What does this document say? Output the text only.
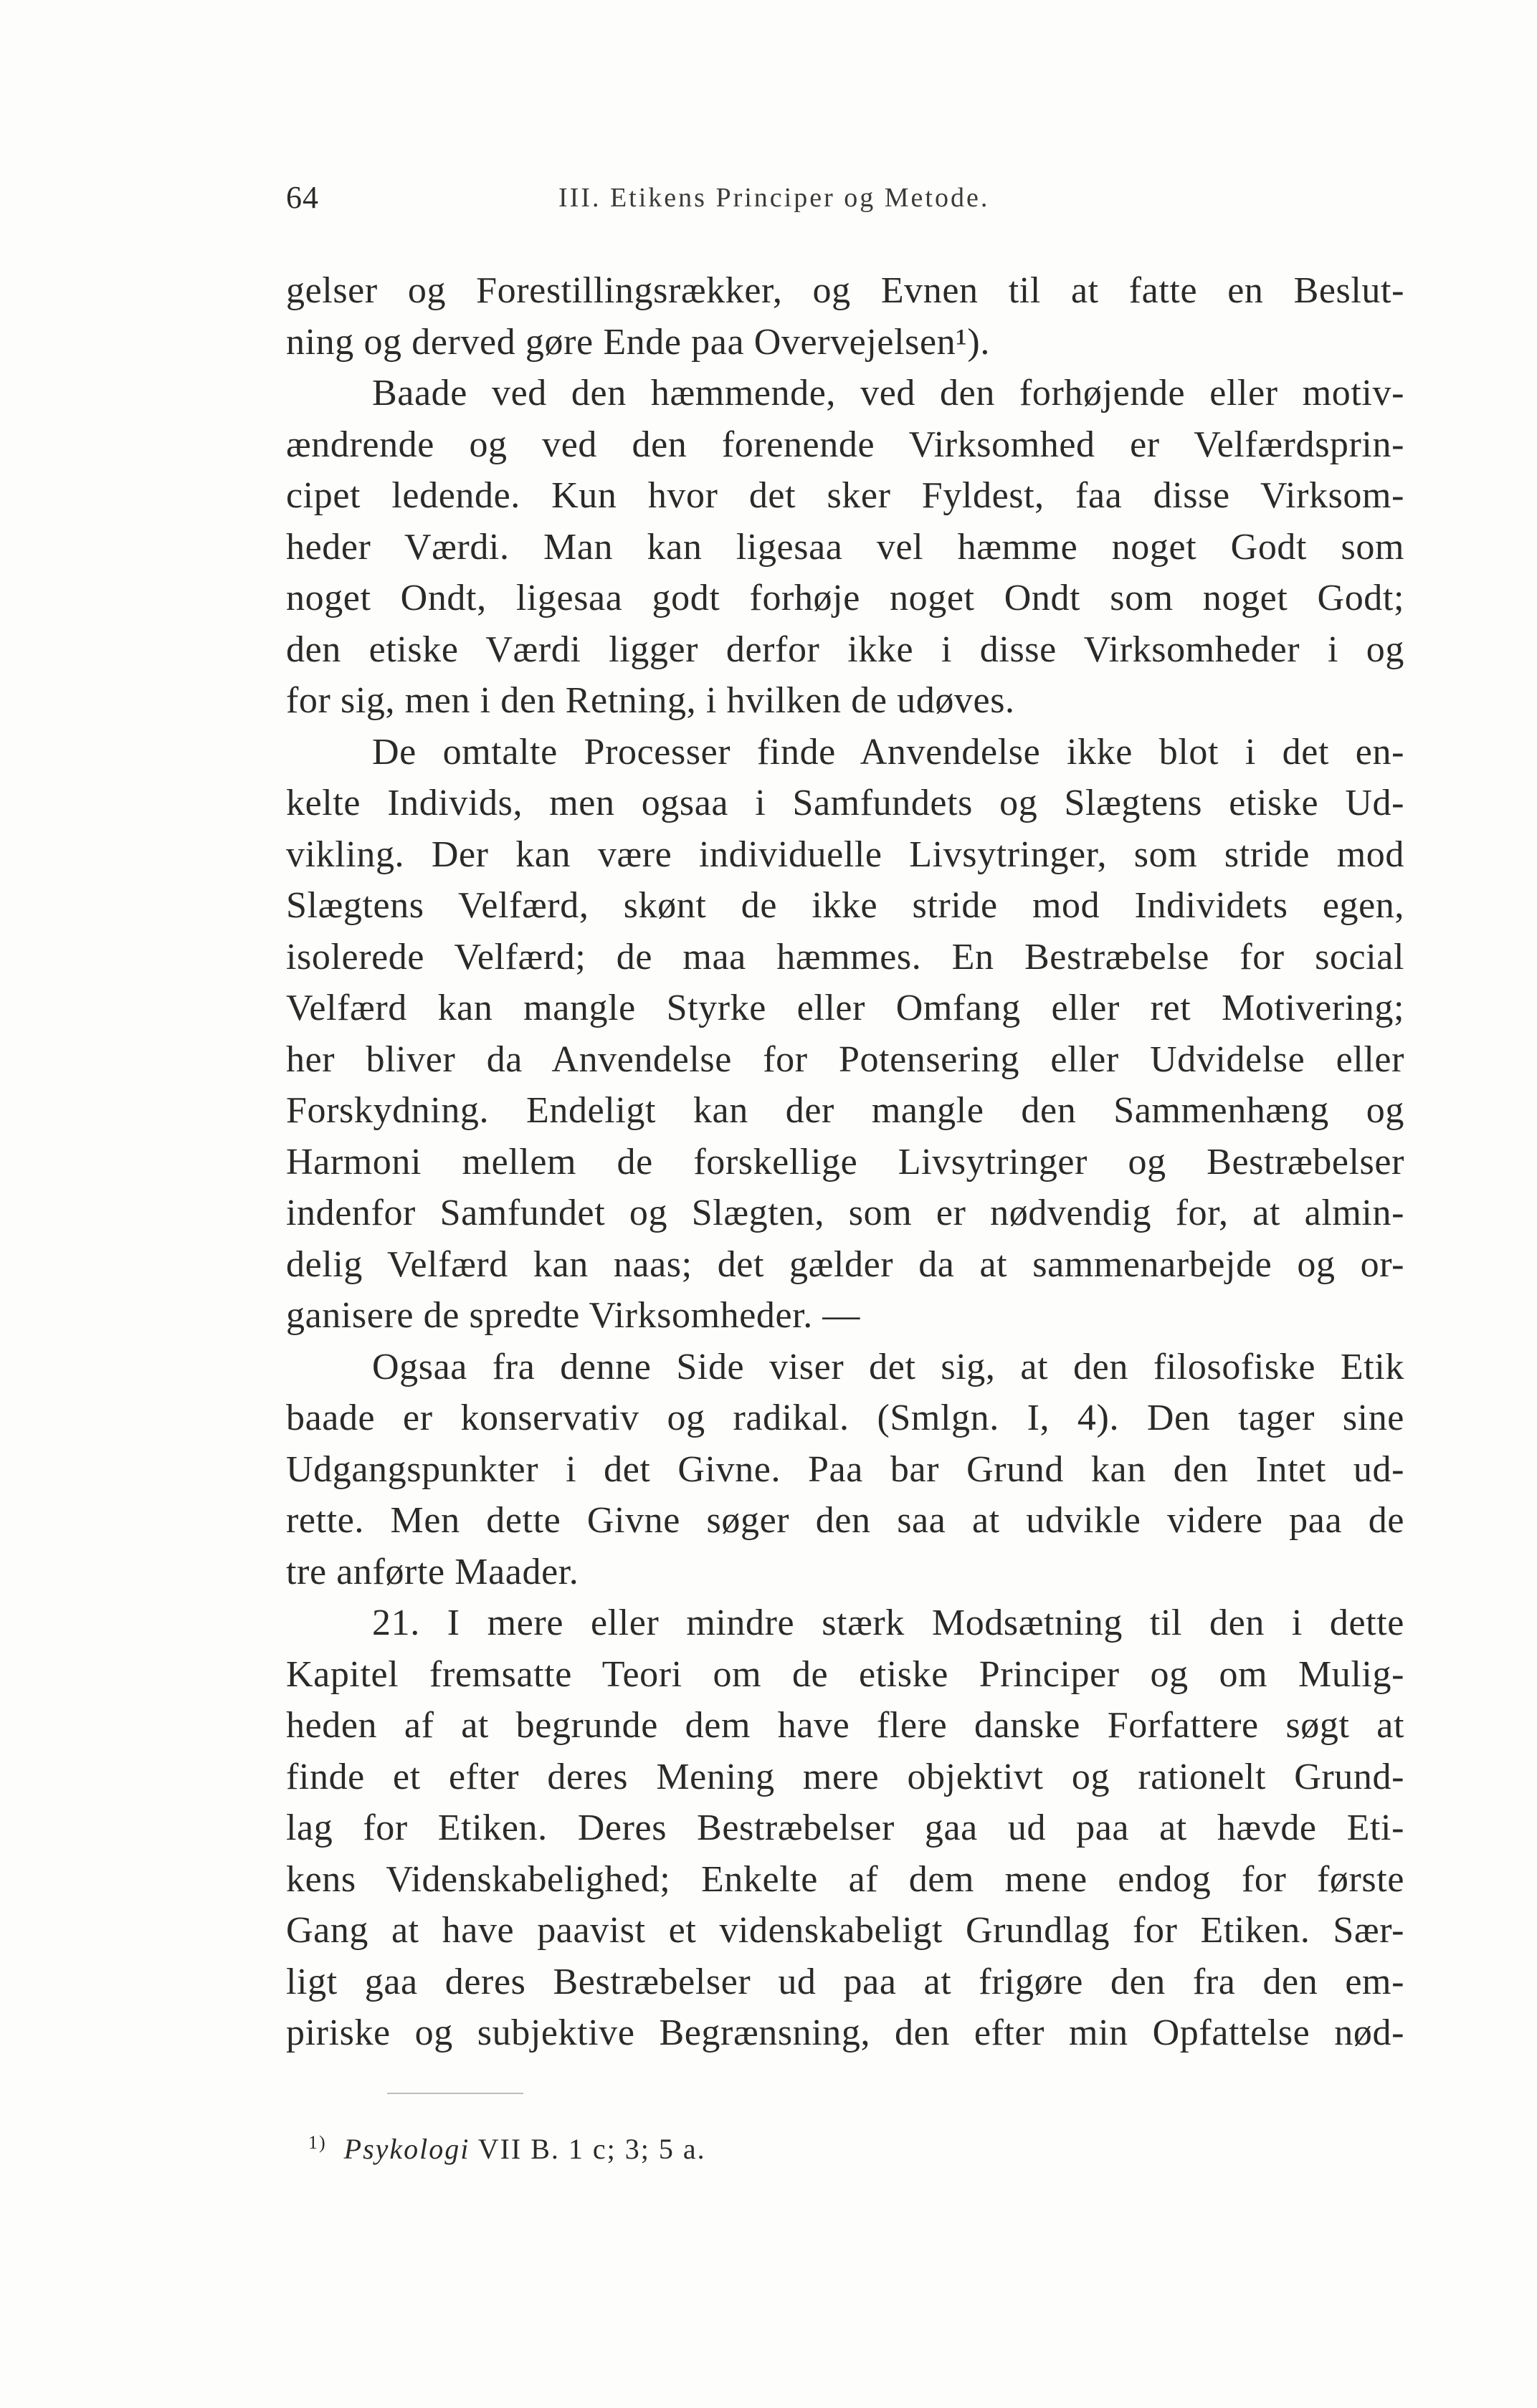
64	III. Etikens Principer og Metode.
gelser og Forestillingsrækker, og Evnen til at fatte en Beslut-
ning og derved gøre Ende paa Overvejelsen¹).
Baade ved den hæmmende, ved den forhøjende eller motiv-
ændrende og ved den forenende Virksomhed er Velfærdsprin-
cipet ledende. Kun hvor det sker Fyldest, faa disse Virksom-
heder Værdi. Man kan ligesaa vel hæmme noget Godt som
noget Ondt, ligesaa godt forhøje noget Ondt som noget Godt;
den etiske Værdi ligger derfor ikke i disse Virksomheder i og
for sig, men i den Retning, i hvilken de udøves.
De omtalte Processer finde Anvendelse ikke blot i det en-
kelte Individs, men ogsaa i Samfundets og Slægtens etiske Ud-
vikling. Der kan være individuelle Livsytringer, som stride mod
Slægtens Velfærd, skønt de ikke stride mod Individets egen,
isolerede Velfærd; de maa hæmmes. En Bestræbelse for social
Velfærd kan mangle Styrke eller Omfang eller ret Motivering;
her bliver da Anvendelse for Potensering eller Udvidelse eller
Forskydning. Endeligt kan der mangle den Sammenhæng og
Harmoni mellem de forskellige Livsytringer og Bestræbelser
indenfor Samfundet og Slægten, som er nødvendig for, at almin-
delig Velfærd kan naas; det gælder da at sammenarbejde og or-
ganisere de spredte Virksomheder. —
Ogsaa fra denne Side viser det sig, at den filosofiske Etik
baade er konservativ og radikal. (Smlgn. I, 4). Den tager sine
Udgangspunkter i det Givne. Paa bar Grund kan den Intet ud-
rette. Men dette Givne søger den saa at udvikle videre paa de
tre anførte Maader.
21. I mere eller mindre stærk Modsætning til den i dette
Kapitel fremsatte Teori om de etiske Principer og om Mulig-
heden af at begrunde dem have flere danske Forfattere søgt at
finde et efter deres Mening mere objektivt og rationelt Grund-
lag for Etiken. Deres Bestræbelser gaa ud paa at hævde Eti-
kens Videnskabelighed; Enkelte af dem mene endog for første
Gang at have paavist et videnskabeligt Grundlag for Etiken. Sær-
ligt gaa deres Bestræbelser ud paa at frigøre den fra den em-
piriske og subjektive Begrænsning, den efter min Opfattelse nød-
$^{1)}$ Psykologi VII B. 1 c; 3; 5 a.
